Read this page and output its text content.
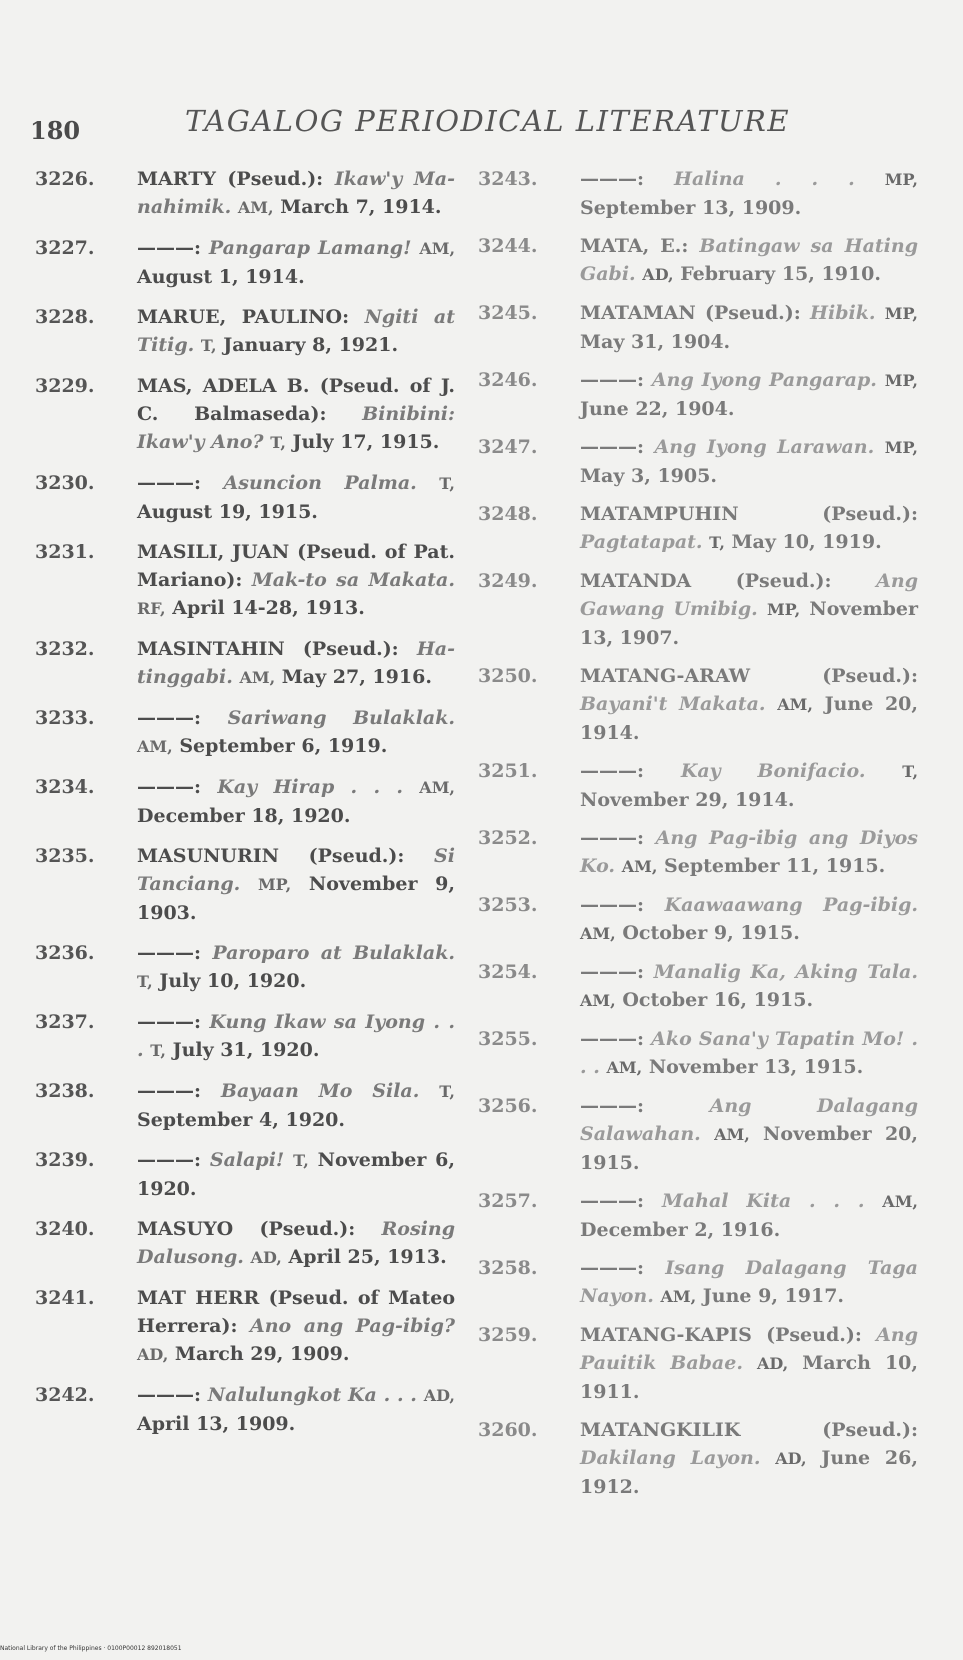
180	TAGALOG PERIODICAL LITERATURE
3226. MARTY (Pseud.): Ikaw'y Ma-nahimik. AM, March 7, 1914.
3227. ———: Pangarap Lamang! AM, August 1, 1914.
3228. MARUE, PAULINO: Ngiti at Titig. T, January 8, 1921.
3229. MAS, ADELA B. (Pseud. of J. C. Balmaseda): Binibini: Ikaw'y Ano? T, July 17, 1915.
3230. ———: Asuncion Palma. T, August 19, 1915.
3231. MASILI, JUAN (Pseud. of Pat. Mariano): Mak-to sa Makata. RF, April 14-28, 1913.
3232. MASINTAHIN (Pseud.): Ha-tinggabi. AM, May 27, 1916.
3233. ———: Sariwang Bulaklak. AM, September 6, 1919.
3234. ———: Kay Hirap . . . AM, December 18, 1920.
3235. MASUNURIN (Pseud.): Si Tanciang. MP, November 9, 1903.
3236. ———: Paroparo at Bulaklak. T, July 10, 1920.
3237. ———: Kung Ikaw sa Iyong . . . T, July 31, 1920.
3238. ———: Bayaan Mo Sila. T, September 4, 1920.
3239. ———: Salapi! T, November 6, 1920.
3240. MASUYO (Pseud.): Rosing Dalusong. AD, April 25, 1913.
3241. MAT HERR (Pseud. of Mateo Herrera): Ano ang Pag-ibig? AD, March 29, 1909.
3242. ———: Nalulungkot Ka . . . AD, April 13, 1909.
3243. ———: Halina . . . MP, September 13, 1909.
3244. MATA, E.: Batingaw sa Hating Gabi. AD, February 15, 1910.
3245. MATAMAN (Pseud.): Hibik. MP, May 31, 1904.
3246. ———: Ang Iyong Pangarap. MP, June 22, 1904.
3247. ———: Ang Iyong Larawan. MP, May 3, 1905.
3248. MATAMPUHIN (Pseud.): Pagtatapat. T, May 10, 1919.
3249. MATANDA (Pseud.): Ang Gawang Umibig. MP, November 13, 1907.
3250. MATANG-ARAW (Pseud.): Bayani't Makata. AM, June 20, 1914.
3251. ———: Kay Bonifacio. T, November 29, 1914.
3252. ———: Ang Pag-ibig ang Diyos Ko. AM, September 11, 1915.
3253. ———: Kaawaawang Pag-ibig. AM, October 9, 1915.
3254. ———: Manalig Ka, Aking Tala. AM, October 16, 1915.
3255. ———: Ako Sana'y Tapatin Mo! . . . AM, November 13, 1915.
3256. ———:	Ang Dalagang Salawahan. AM, November 20, 1915.
3257. ———: Mahal Kita . . . AM, December 2, 1916.
3258. ———: Isang Dalagang Taga Nayon. AM, June 9, 1917.
3259. MATANG-KAPIS (Pseud.): Ang Pauitik Babae. AD, March 10, 1911.
3260. MATANGKILIK (Pseud.): Dakilang Layon. AD, June 26, 1912.
National Library of the Philippines · 0100P00012 892018051
